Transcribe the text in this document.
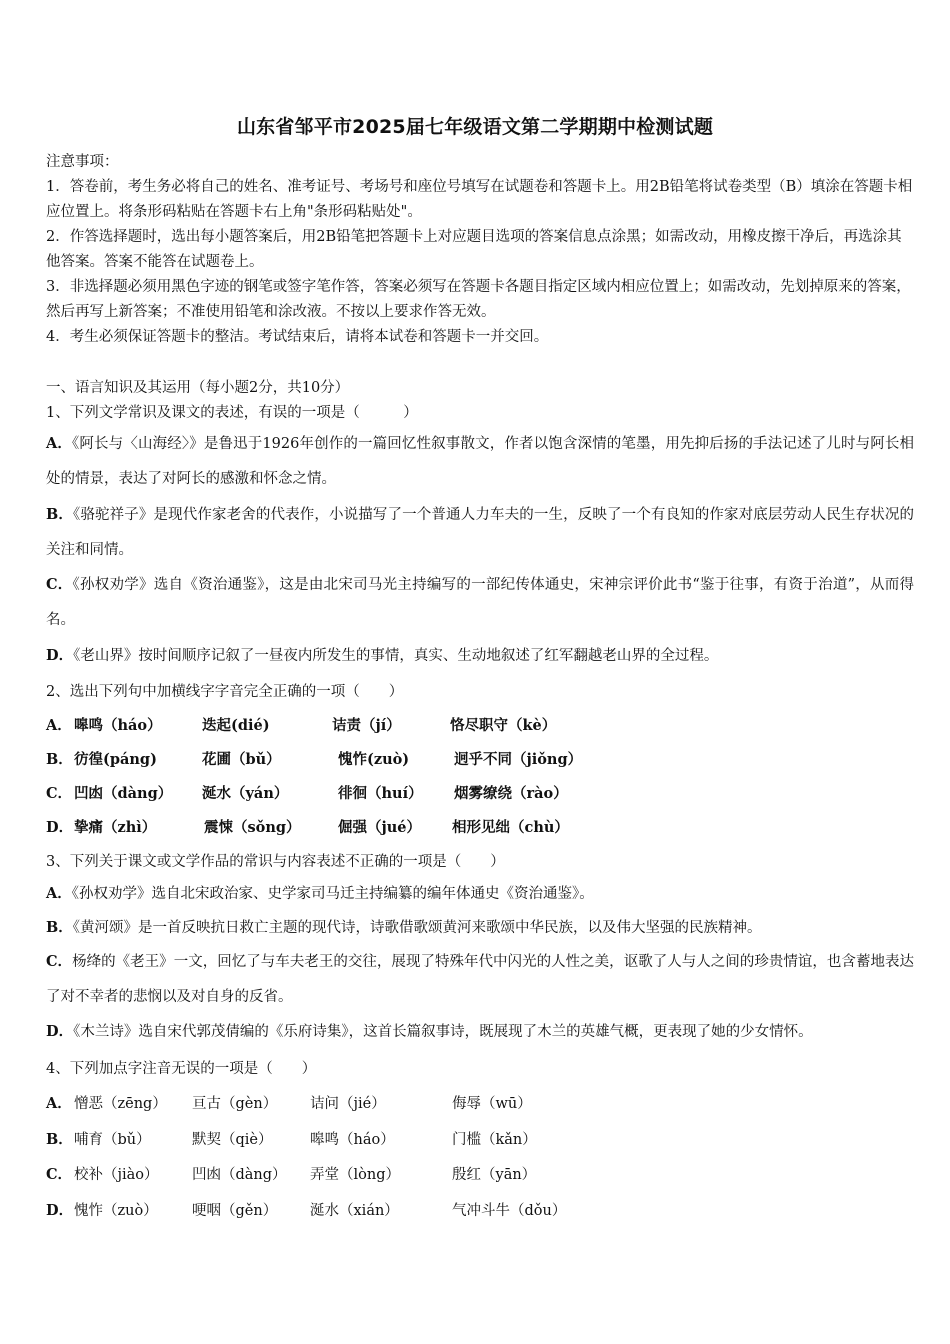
山东省邹平市2025届七年级语文第二学期期中检测试题

注意事项：

1．答卷前，考生务必将自己的姓名、准考证号、考场号和座位号填写在试题卷和答题卡上。用2B铅笔将试卷类型（B）填涂在答题卡相应位置上。将条形码粘贴在答题卡右上角"条形码粘贴处"。

2．作答选择题时，选出每小题答案后，用2B铅笔把答题卡上对应题目选项的答案信息点涂黑；如需改动，用橡皮擦干净后，再选涂其他答案。答案不能答在试题卷上。

3．非选择题必须用黑色字迹的钢笔或签字笔作答，答案必须写在答题卡各题目指定区域内相应位置上；如需改动，先划掉原来的答案，然后再写上新答案；不准使用铅笔和涂改液。不按以上要求作答无效。

4．考生必须保证答题卡的整洁。考试结束后，请将本试卷和答题卡一并交回。

一、语言知识及其运用（每小题2分，共10分）
1、下列文学常识及课文的表述，有误的一项是（　　　）
A．《阿长与〈山海经〉》是鲁迅于1926年创作的一篇回忆性叙事散文，作者以饱含深情的笔墨，用先抑后扬的手法记述了儿时与阿长相处的情景，表达了对阿长的感激和怀念之情。
B．《骆驼祥子》是现代作家老舍的代表作，小说描写了一个普通人力车夫的一生，反映了一个有良知的作家对底层劳动人民生存状况的关注和同情。
C．《孙权劝学》选自《资治通鉴》，这是由北宋司马光主持编写的一部纪传体通史，宋神宗评价此书“鉴于往事，有资于治道”，从而得名。
D．《老山界》按时间顺序记叙了一昼夜内所发生的事情，真实、生动地叙述了红军翻越老山界的全过程。
2、选出下列句中加横线字字音完全正确的一项（　　）
A． 嗥鸣（háo）	迭起(dié)	诘责（jí）	恪尽职守（kè）
B． 彷徨(páng)	花圃（bǔ）	愧怍(zuò)	迥乎不同（jiǒng）
C． 凹凼（dàng） 涎水（yán）	徘徊（huí） 烟雾缭绕（rào）
D． 挚痛（zhì）	震悚（sǒng）	倔强（jué） 相形见绌（chù）
3、下列关于课文或文学作品的常识与内容表述不正确的一项是（　　）
A．《孙权劝学》选自北宋政治家、史学家司马迁主持编纂的编年体通史《资治通鉴》。
B．《黄河颂》是一首反映抗日救亡主题的现代诗，诗歌借歌颂黄河来歌颂中华民族，以及伟大坚强的民族精神。
C．杨绛的《老王》一文，回忆了与车夫老王的交往，展现了特殊年代中闪光的人性之美，讴歌了人与人之间的珍贵情谊，也含蓄地表达了对不幸者的悲悯以及对自身的反省。
D．《木兰诗》选自宋代郭茂倩编的《乐府诗集》，这首长篇叙事诗，既展现了木兰的英雄气概，更表现了她的少女情怀。
4、下列加点字注音无误的一项是（　　）
A． 憎恶（zēng） 亘古（gèn） 诘问（jié）	侮辱（wū）
B． 哺育（bǔ）	默契（qiè）	嗥鸣（háo）	门槛（kǎn）
C． 校补（jiào） 凹凼（dàng） 弄堂（lòng）	殷红（yān）
D． 愧怍（zuò） 哽咽（gěn） 涎水（xián）	气冲斗牛（dǒu）
